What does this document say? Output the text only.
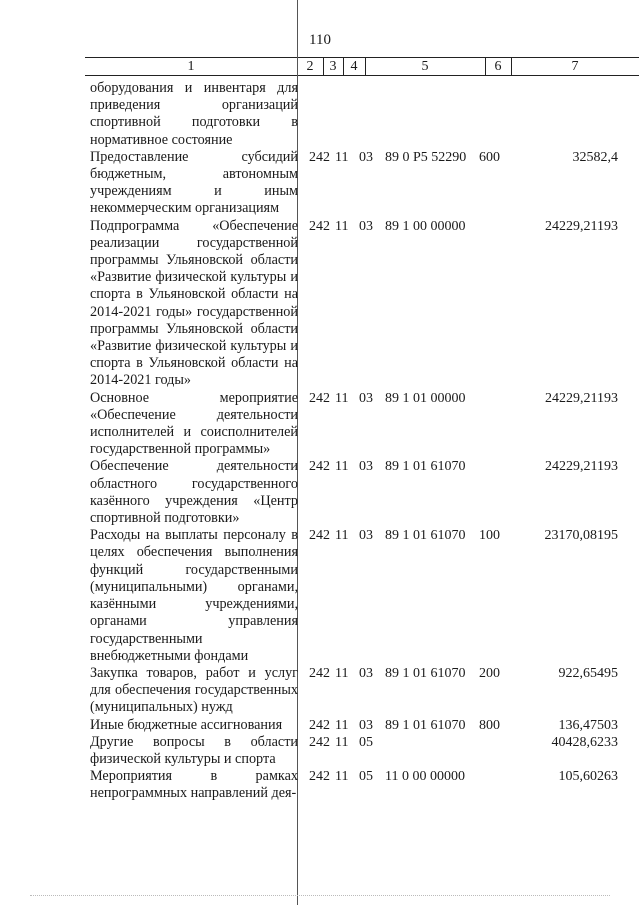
110
1	2	3	4	5	6	7
оборудования и инвентаря для приведения организаций спортивной подготовки в нормативное состояние
Предоставление субсидий бюджетным, автономным учреждениям и иным некоммерческим организациям
242 11 03 89 0 Р5 52290 600	32582,4
Подпрограмма «Обеспечение реализации государственной программы Ульяновской области «Развитие физической культуры и спорта в Ульяновской области на 2014-2021 годы» государственной программы Ульяновской области «Развитие физической культуры и спорта в Ульяновской области на 2014-2021 годы»
242 11 03 89 1 00 00000	24229,21193
Основное мероприятие «Обеспечение деятельности исполнителей и соисполнителей государственной программы»
242 11 03 89 1 01 00000	24229,21193
Обеспечение деятельности областного государственного казённого учреждения «Центр спортивной подготовки»
242 11 03 89 1 01 61070	24229,21193
Расходы на выплаты персоналу в целях обеспечения выполнения функций государственными (муниципальными) органами, казёнными учреждениями, органами управления государственными внебюджетными фондами
242 11 03 89 1 01 61070 100	23170,08195
Закупка товаров, работ и услуг для обеспечения государственных (муниципальных) нужд
242 11 03 89 1 01 61070 200	922,65495
Иные бюджетные ассигнования	242 11 03 89 1 01 61070 800	136,47503
Другие вопросы в области физической культуры и спорта
242 11 05	40428,6233
Мероприятия в рамках непрограммных направлений дея-
242 11 05 11 0 00 00000	105,60263
